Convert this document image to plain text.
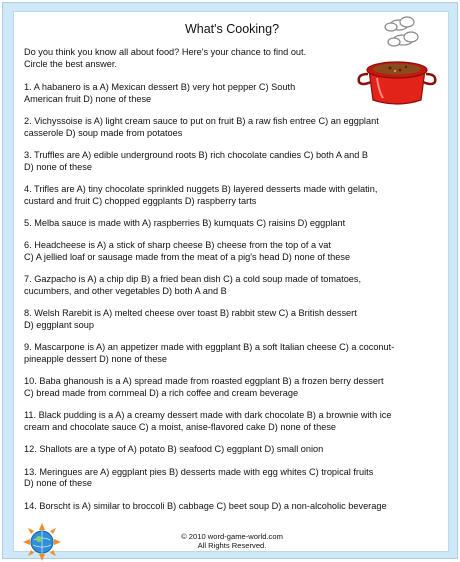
What's Cooking?
Do you think you know all about food? Here's your chance to find out.
Circle the best answer.
1. A habanero is a A) Mexican dessert B) very hot pepper C) South
American fruit D) none of these
2. Vichyssoise is A) light cream sauce to put on fruit B) a raw fish entree C) an eggplant
casserole D) soup made from potatoes
3. Truffles are A) edible underground roots B) rich chocolate candies C) both A and B
D) none of these
4. Trifles are A) tiny chocolate sprinkled nuggets B) layered desserts made with gelatin,
custard and fruit C) chopped eggplants D) raspberry tarts
5. Melba sauce is made with A) raspberries B) kumquats C) raisins D) eggplant
6. Headcheese is A) a stick of sharp cheese B) cheese from the top of a vat
C) A jellied loaf or sausage made from the meat of a pig's head D) none of these
7. Gazpacho is A) a chip dip B) a fried bean dish C) a cold soup made of tomatoes,
cucumbers, and other vegetables D) both A and B
8. Welsh Rarebit is A) melted cheese over toast B) rabbit stew C) a British dessert
D) eggplant soup
9. Mascarpone is A) an appetizer made with eggplant B) a soft Italian cheese C) a coconut-
pineapple dessert D) none of these
10. Baba ghanoush is a A) spread made from roasted eggplant B) a frozen berry dessert
C) bread made from cornmeal D) a rich coffee and cream beverage
11. Black pudding is a A) a creamy dessert made with dark chocolate B) a brownie with ice
cream and chocolate sauce C) a moist, anise-flavored cake D) none of these
12. Shallots are a type of A) potato B) seafood C) eggplant D) small onion
13. Meringues are A) eggplant pies B) desserts made with egg whites C) tropical fruits
D) none of these
14. Borscht is A) similar to broccoli B) cabbage C) beet soup D) a non-alcoholic beverage
© 2010 word-game-world.com
All Rights Reserved.
